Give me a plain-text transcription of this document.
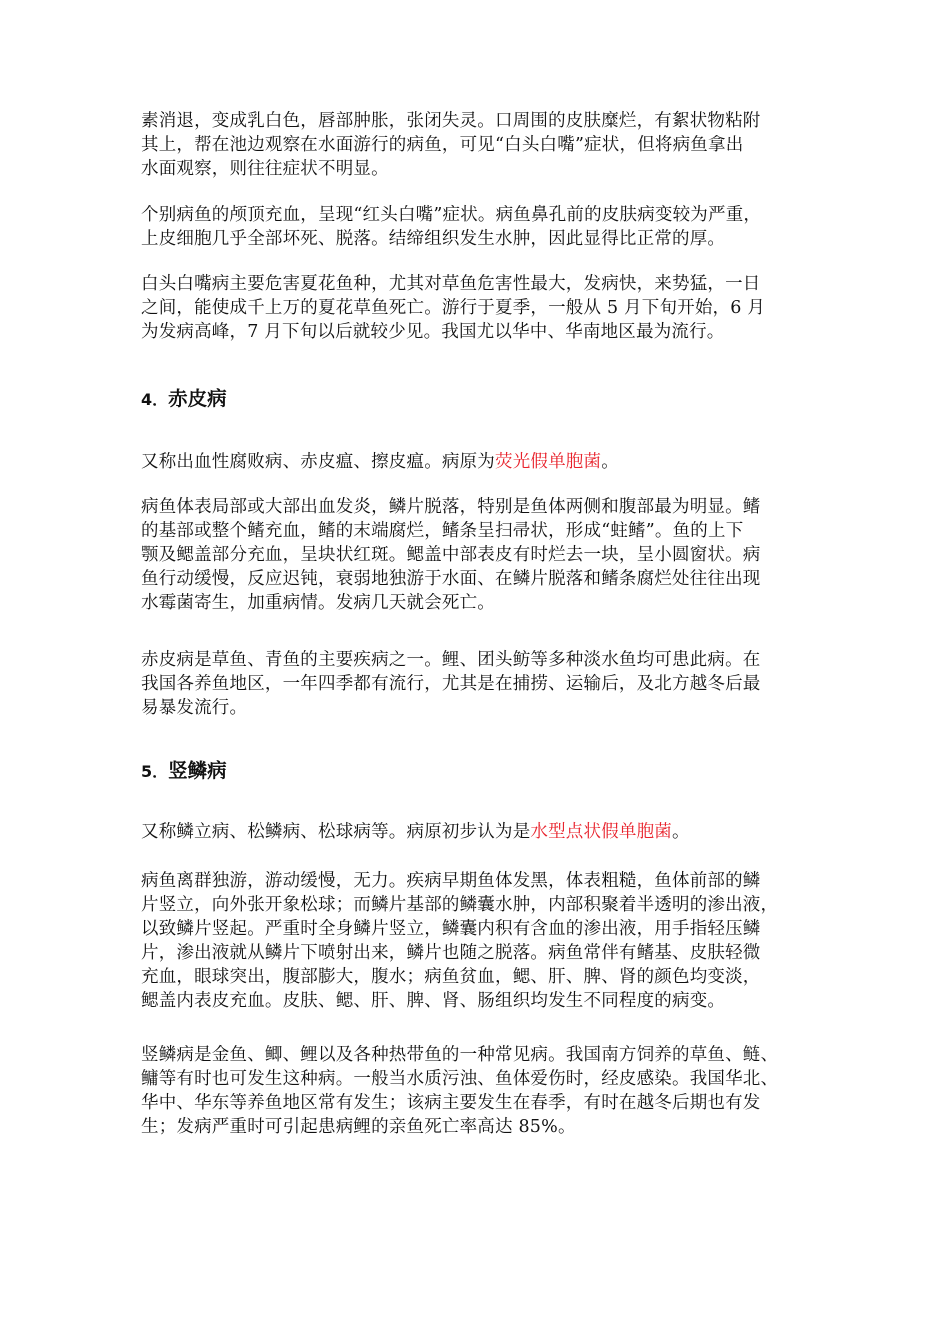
素消退，变成乳白色，唇部肿胀，张闭失灵。口周围的皮肤糜烂，有絮状物粘附
其上，帮在池边观察在水面游行的病鱼，可见“白头白嘴”症状，但将病鱼拿出
水面观察，则往往症状不明显。

个别病鱼的颅顶充血，呈现“红头白嘴”症状。病鱼鼻孔前的皮肤病变较为严重，
上皮细胞几乎全部坏死、脱落。结缔组织发生水肿，因此显得比正常的厚。

白头白嘴病主要危害夏花鱼种，尤其对草鱼危害性最大，发病快，来势猛，一日
之间，能使成千上万的夏花草鱼死亡。游行于夏季，一般从 5 月下旬开始，6 月
为发病高峰，7 月下旬以后就较少见。我国尤以华中、华南地区最为流行。

4．赤皮病

又称出血性腐败病、赤皮瘟、擦皮瘟。病原为荧光假单胞菌。

病鱼体表局部或大部出血发炎，鳞片脱落，特别是鱼体两侧和腹部最为明显。鳍
的基部或整个鳍充血，鳍的末端腐烂，鳍条呈扫帚状，形成“蛀鳍”。鱼的上下
颚及鳃盖部分充血，呈块状红斑。鳃盖中部表皮有时烂去一块，呈小圆窗状。病
鱼行动缓慢，反应迟钝，衰弱地独游于水面、在鳞片脱落和鳍条腐烂处往往出现
水霉菌寄生，加重病情。发病几天就会死亡。

赤皮病是草鱼、青鱼的主要疾病之一。鲤、团头鲂等多种淡水鱼均可患此病。在
我国各养鱼地区，一年四季都有流行，尤其是在捕捞、运输后，及北方越冬后最
易暴发流行。

5．竖鳞病

又称鳞立病、松鳞病、松球病等。病原初步认为是水型点状假单胞菌。

病鱼离群独游，游动缓慢，无力。疾病早期鱼体发黑，体表粗糙，鱼体前部的鳞
片竖立，向外张开象松球；而鳞片基部的鳞囊水肿，内部积聚着半透明的渗出液，
以致鳞片竖起。严重时全身鳞片竖立，鳞囊内积有含血的渗出液，用手指轻压鳞
片，渗出液就从鳞片下喷射出来，鳞片也随之脱落。病鱼常伴有鳍基、皮肤轻微
充血，眼球突出，腹部膨大，腹水；病鱼贫血，鳃、肝、脾、肾的颜色均变淡，
鳃盖内表皮充血。皮肤、鳃、肝、脾、肾、肠组织均发生不同程度的病变。

竖鳞病是金鱼、鲫、鲤以及各种热带鱼的一种常见病。我国南方饲养的草鱼、鲢、
鳙等有时也可发生这种病。一般当水质污浊、鱼体爱伤时，经皮感染。我国华北、
华中、华东等养鱼地区常有发生；该病主要发生在春季，有时在越冬后期也有发
生；发病严重时可引起患病鲤的亲鱼死亡率高达 85%。
